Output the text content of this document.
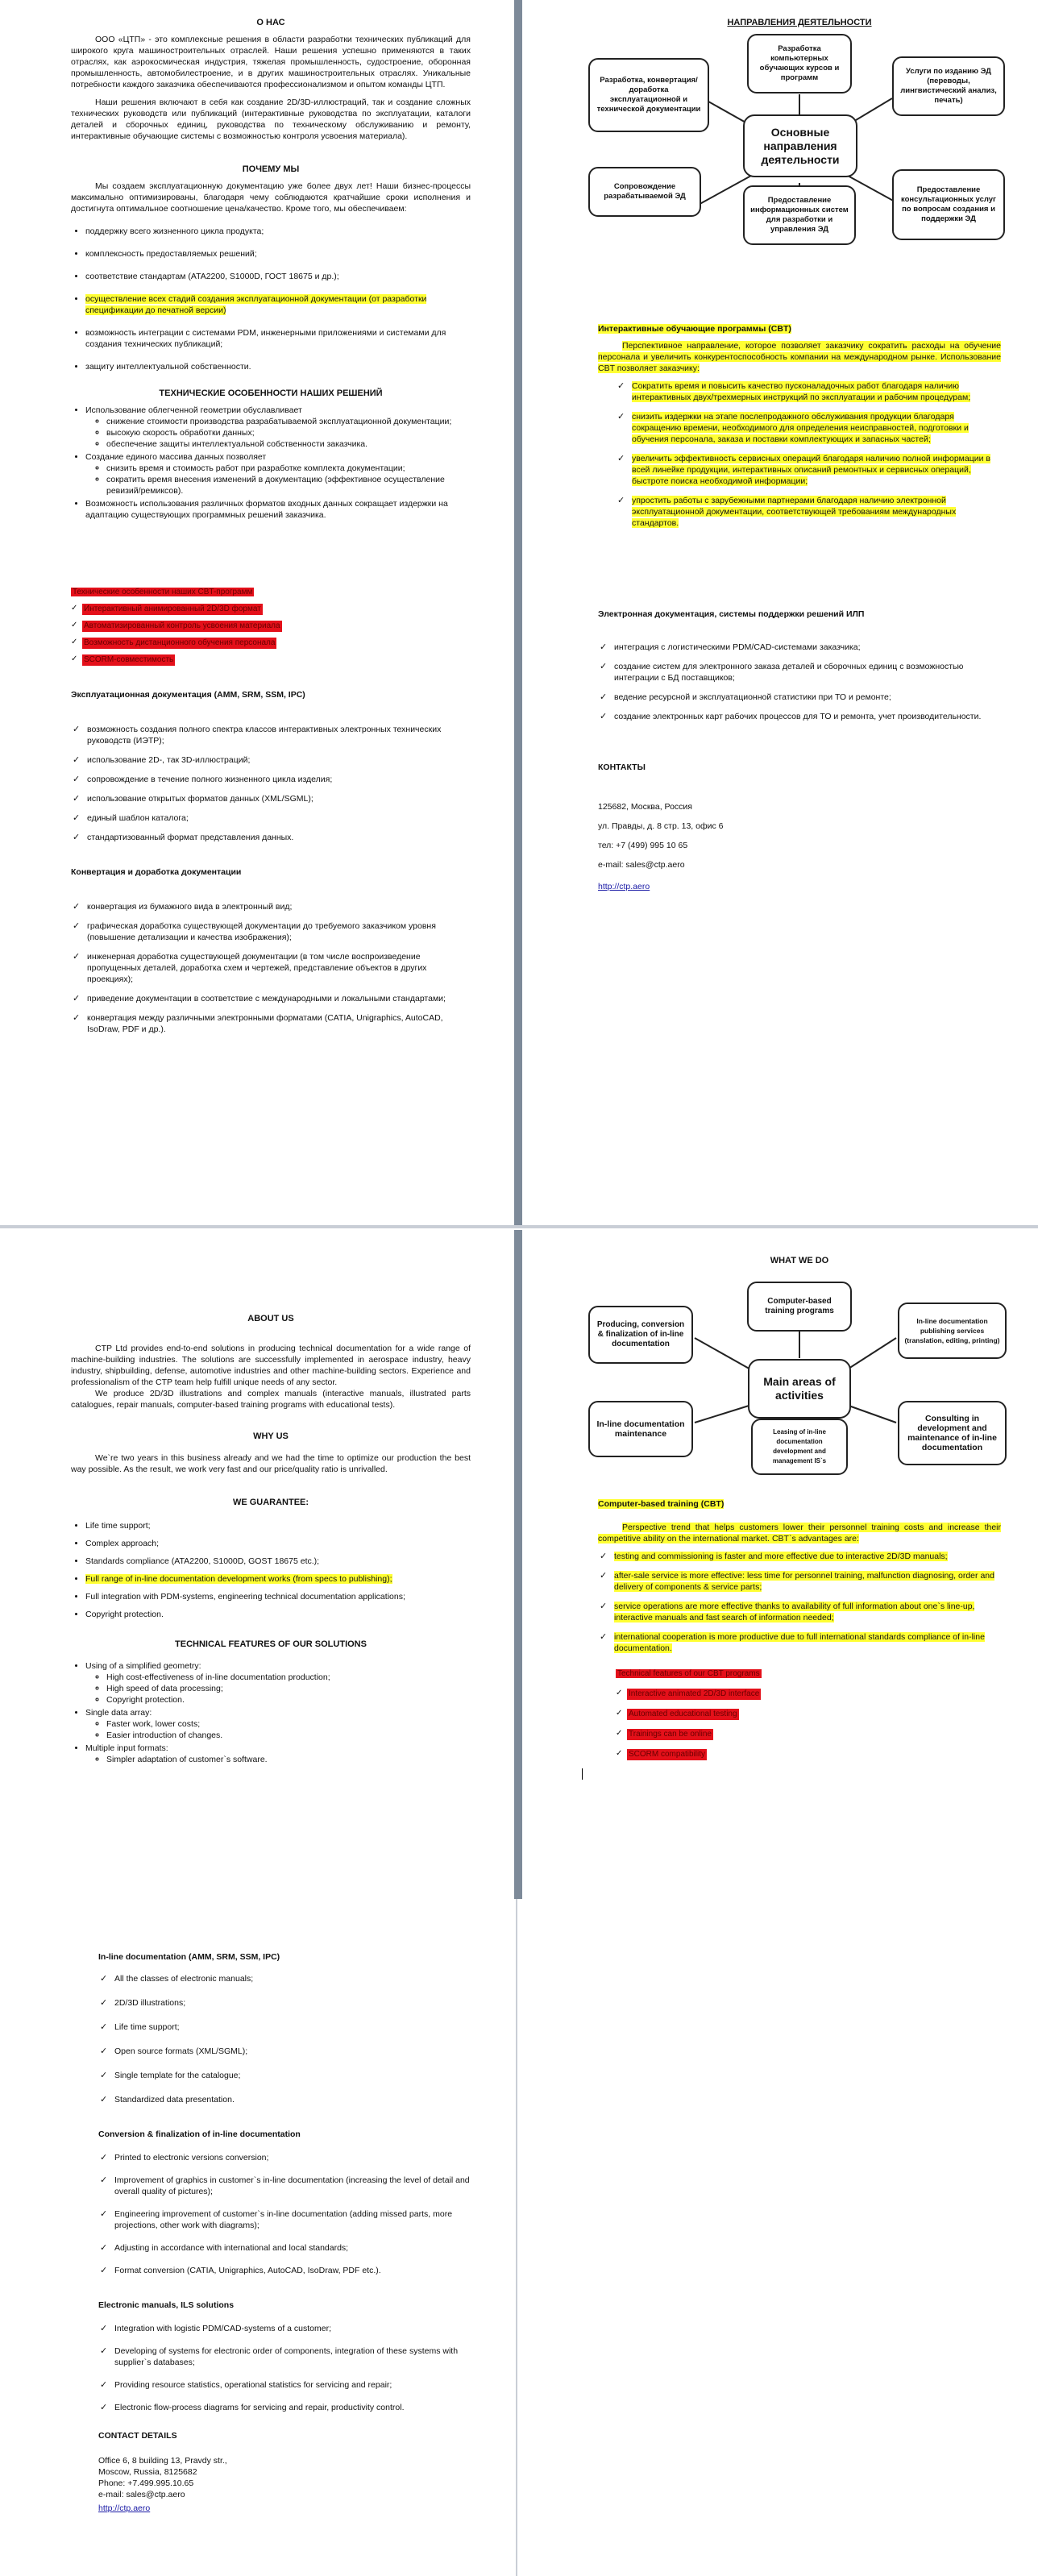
О НАС

ООО «ЦТП» - это комплексные решения в области разработки технических публикаций для широкого круга машиностроительных отраслей. Наши решения успешно применяются в таких отраслях, как аэрокосмическая индустрия, тяжелая промышленность, судостроение, оборонная промышленность, автомобилестроение, и в других машиностроительных отраслях. Уникальные потребности каждого заказчика обеспечиваются профессионализмом и опытом команды ЦТП.

Наши решения включают в себя как создание 2D/3D-иллюстраций, так и создание сложных технических руководств или публикаций (интерактивные руководства по эксплуатации, каталоги деталей и сборочных единиц, руководства по техническому обслуживанию и ремонту, интерактивные обучающие системы с возможностью контроля усвоения материала).

ПОЧЕМУ МЫ

Мы создаем эксплуатационную документацию уже более двух лет! Наши бизнес-процессы максимально оптимизированы, благодаря чему соблюдаются кратчайшие сроки исполнения и достигнута оптимальное соотношение цена/качество. Кроме того, мы обеспечиваем:

• поддержку всего жизненного цикла продукта;
• комплексность предоставляемых решений;
• соответствие стандартам (ATA2200, S1000D, ГОСТ 18675 и др.);
• осуществление всех стадий создания эксплуатационной документации (от разработки спецификации до печатной версии)
• возможность интеграции с системами PDM, инженерными приложениями и системами для создания технических публикаций;
• защиту интеллектуальной собственности.
ТЕХНИЧЕСКИЕ ОСОБЕННОСТИ НАШИХ РЕШЕНИЙ
• Использование облегченной геометрии обуславливает
◦ снижение стоимости производства разрабатываемой эксплуатационной документации;
◦ высокую скорость обработки данных;
◦ обеспечение защиты интеллектуальной собственности заказчика.
• Создание единого массива данных позволяет
◦ снизить время и стоимость работ при разработке комплекта документации;
◦ сократить время внесения изменений в документацию (эффективное осуществление ревизий/ремиксов).
• Возможность использования различных форматов входных данных сокращает издержки на адаптацию существующих программных решений заказчика.
Технические особенности наших CBT-программ
✓ Интерактивный анимированный 2D/3D формат
✓ Автоматизированный контроль усвоения материала
✓ Возможность дистанционного обучения персонала
✓ SCORM-совместимость
Эксплуатационная документация (AMM, SRM, SSM, IPC)
✓ возможность создания полного спектра классов интерактивных электронных технических руководств (ИЭТР);
✓ использование 2D-, так 3D-иллюстраций;
✓ сопровождение в течение полного жизненного цикла изделия;
✓ использование открытых форматов данных (XML/SGML);
✓ единый шаблон каталога;
✓ стандартизованный формат представления данных.
Конвертация и доработка документации
✓ конвертация из бумажного вида в электронный вид;
✓ графическая доработка существующей документации до требуемого заказчиком уровня (повышение детализации и качества изображения);
✓ инженерная доработка существующей документации (в том числе воспроизведение пропущенных деталей, доработка схем и чертежей, представление объектов в других проекциях);
✓ приведение документации в соответствие с международными и локальными стандартами;
✓ конвертация между различными электронными форматами (CATIA, Unigraphics, AutoCAD, IsoDraw, PDF и др.).
НАПРАВЛЕНИЯ ДЕЯТЕЛЬНОСТИ
Разработка компьютерных обучающих курсов и программ
Разработка, конвертация/доработка эксплуатационной и технической документации
Услуги по изданию ЭД (переводы, лингвистический анализ, печать)
Основные направления деятельности
Сопровождение разрабатываемой ЭД	Предоставление информационных систем для разработки и управления ЭД
Предоставление консультационных услуг по вопросам создания и поддержки ЭД
Интерактивные обучающие программы (CBT)

Перспективное направление, которое позволяет заказчику сократить расходы на обучение персонала и увеличить конкурентоспособность компании на международном рынке. Использование CBT позволяет заказчику:

✓ Сократить время и повысить качество пусконаладочных работ благодаря наличию интерактивных двух/трехмерных инструкций по эксплуатации и рабочим процедурам;
✓ снизить издержки на этапе послепродажного обслуживания продукции благодаря сокращению времени, необходимого для определения неисправностей, подготовки и обучения персонала, заказа и поставки комплектующих и запасных частей;
✓ увеличить эффективность сервисных операций благодаря наличию полной информации в всей линейке продукции, интерактивных описаний ремонтных и сервисных операций, быстроте поиска необходимой информации;
✓ упростить работы с зарубежными партнерами благодаря наличию электронной эксплуатационной документации, соответствующей требованиям международных стандартов.
Электронная документация, системы поддержки решений ИЛП
✓ интеграция с логистическими PDM/CAD-системами заказчика;
✓ создание систем для электронного заказа деталей и сборочных единиц с возможностью интеграции с БД поставщиков;
✓ ведение ресурсной и эксплуатационной статистики при ТО и ремонте;
✓ создание электронных карт рабочих процессов для ТО и ремонта, учет производительности.
КОНТАКТЫ

125682, Москва, Россия

ул. Правды, д. 8 стр. 13, офис 6

тел: +7 (499) 995 10 65

e-mail: sales@ctp.aero

http://ctp.aero
ABOUT US

CTP Ltd provides end-to-end solutions in producing technical documentation for a wide range of machine-building industries. The solutions are successfully implemented in aerospace industry, heavy industry, shipbuilding, defense, automotive industries and other machine-building sectors. Experience and professionalism of the CTP team help fulfill unique needs of any sector.

We produce 2D/3D illustrations and complex manuals (interactive manuals, illustrated parts catalogues, repair manuals, computer-based training programs with educational tests).

WHY US

We`re two years in this business already and we had the time to optimize our production the best way possible. As the result, we work very fast and our price/quality ratio is unrivalled.

WE GUARANTEE:
• Life time support;
• Complex approach;
• Standards compliance (ATA2200, S1000D, GOST 18675 etc.);
• Full range of in-line documentation development works (from specs to publishing);
• Full integration with PDM-systems, engineering technical documentation applications;
• Copyright protection.
TECHNICAL FEATURES OF OUR SOLUTIONS
• Using of a simplified geometry:
◦ High cost-effectiveness of in-line documentation production;
◦ High speed of data processing;
◦ Copyright protection.
• Single data array:
◦ Faster work, lower costs;
◦ Easier introduction of changes.
• Multiple input formats:
◦ Simpler adaptation of customer`s software.
WHAT WE DO
Computer-based training programs
Producing, conversion & finalization of in-line documentation
In-line documentation publishing services (translation, editing, printing)
Main areas of activities
In-line documentation maintenance	Leasing of in-line documentation development and management IS`s
Consulting in development and maintenance of in-line documentation
Computer-based training (CBT)

Perspective trend that helps customers lower their personnel training costs and increase their competitive ability on the international market. CBT`s advantages are:

✓ testing and commissioning is faster and more effective due to interactive 2D/3D manuals;
✓ after-sale service is more effective: less time for personnel training, malfunction diagnosing, order and delivery of components & service parts;
✓ service operations are more effective thanks to availability of full information about one`s line-up, interactive manuals and fast search of information needed;
✓ international cooperation is more productive due to full international standards compliance of in-line documentation.
Technical features of our CBT programs
✓ Interactive animated 2D/3D interface
✓ Automated educational testing
✓ Trainings can be online
✓ SCORM compatibility
In-line documentation (AMM, SRM, SSM, IPC)
✓ All the classes of electronic manuals;
✓ 2D/3D illustrations;
✓ Life time support;
✓ Open source formats (XML/SGML);
✓ Single template for the catalogue;
✓ Standardized data presentation.
Conversion & finalization of in-line documentation
✓ Printed to electronic versions conversion;
✓ Improvement of graphics in customer`s in-line documentation (increasing the level of detail and overall quality of pictures);
✓ Engineering improvement of customer`s in-line documentation (adding missed parts, more projections, other work with diagrams);
✓ Adjusting in accordance with international and local standards;
✓ Format conversion (CATIA, Unigraphics, AutoCAD, IsoDraw, PDF etc.).
Electronic manuals, ILS solutions
✓ Integration with logistic PDM/CAD-systems of a customer;
✓ Developing of systems for electronic order of components, integration of these systems with supplier`s databases;
✓ Providing resource statistics, operational statistics for servicing and repair;
✓ Electronic flow-process diagrams for servicing and repair, productivity control.
CONTACT DETAILS

Office 6, 8 building 13, Pravdy str.,

Moscow, Russia, 8125682

Phone: +7.499.995.10.65

e-mail: sales@ctp.aero

http://ctp.aero
